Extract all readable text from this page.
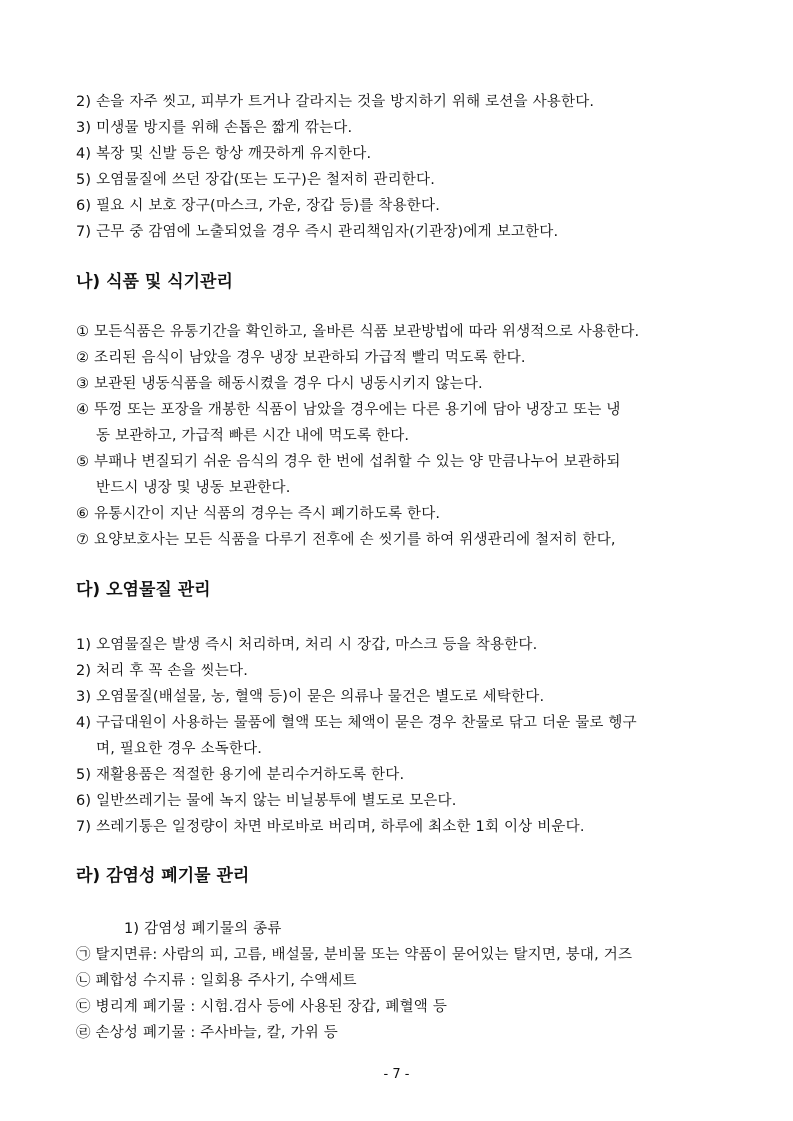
2) 손을 자주 씻고, 피부가 트거나 갈라지는 것을 방지하기 위해 로션을 사용한다.
3) 미생물 방지를 위해 손톱은 짧게 깎는다.
4) 복장 및 신발 등은 항상 깨끗하게 유지한다.
5) 오염물질에 쓰던 장갑(또는 도구)은 철저히 관리한다.
6) 필요 시 보호 장구(마스크, 가운, 장갑 등)를 착용한다.
7) 근무 중 감염에 노출되었을 경우 즉시 관리책임자(기관장)에게 보고한다.
나) 식품 및 식기관리
① 모든식품은 유통기간을 확인하고, 올바른 식품 보관방법에 따라 위생적으로 사용한다.
② 조리된 음식이 남았을 경우 냉장 보관하되 가급적 빨리 먹도록 한다.
③ 보관된 냉동식품을 해동시켰을 경우 다시 냉동시키지 않는다.
④ 뚜껑 또는 포장을 개봉한 식품이 남았을 경우에는 다른 용기에 담아 냉장고 또는 냉
동 보관하고, 가급적 빠른 시간 내에 먹도록 한다.
⑤ 부패나 변질되기 쉬운 음식의 경우 한 번에 섭취할 수 있는 양 만큼나누어 보관하되
반드시 냉장 및 냉동 보관한다.
⑥ 유통시간이 지난 식품의 경우는 즉시 폐기하도록 한다.
⑦ 요양보호사는 모든 식품을 다루기 전후에 손 씻기를 하여 위생관리에 철저히 한다,
다) 오염물질 관리
1) 오염물질은 발생 즉시 처리하며, 처리 시 장갑, 마스크 등을 착용한다.
2) 처리 후 꼭 손을 씻는다.
3) 오염물질(배설물, 농, 혈액 등)이 묻은 의류나 물건은 별도로 세탁한다.
4) 구급대원이 사용하는 물품에 혈액 또는 체액이 묻은 경우 찬물로 닦고 더운 물로 헹구
며, 필요한 경우 소독한다.
5) 재활용품은 적절한 용기에 분리수거하도록 한다.
6) 일반쓰레기는 물에 녹지 않는 비닐봉투에 별도로 모은다.
7) 쓰레기통은 일정량이 차면 바로바로 버리며, 하루에 최소한 1회 이상 비운다.
라) 감염성 폐기물 관리
1) 감염성 폐기물의 종류
㉠ 탈지면류: 사람의 피, 고름, 배설물, 분비물 또는 약품이 묻어있는 탈지면, 붕대, 거즈
㉡ 폐합성 수지류 : 일회용 주사기, 수액세트
㉢ 병리계 폐기물 : 시험.검사 등에 사용된 장갑, 폐혈액 등
㉣ 손상성 폐기물 : 주사바늘, 칼, 가위 등
- 7 -
